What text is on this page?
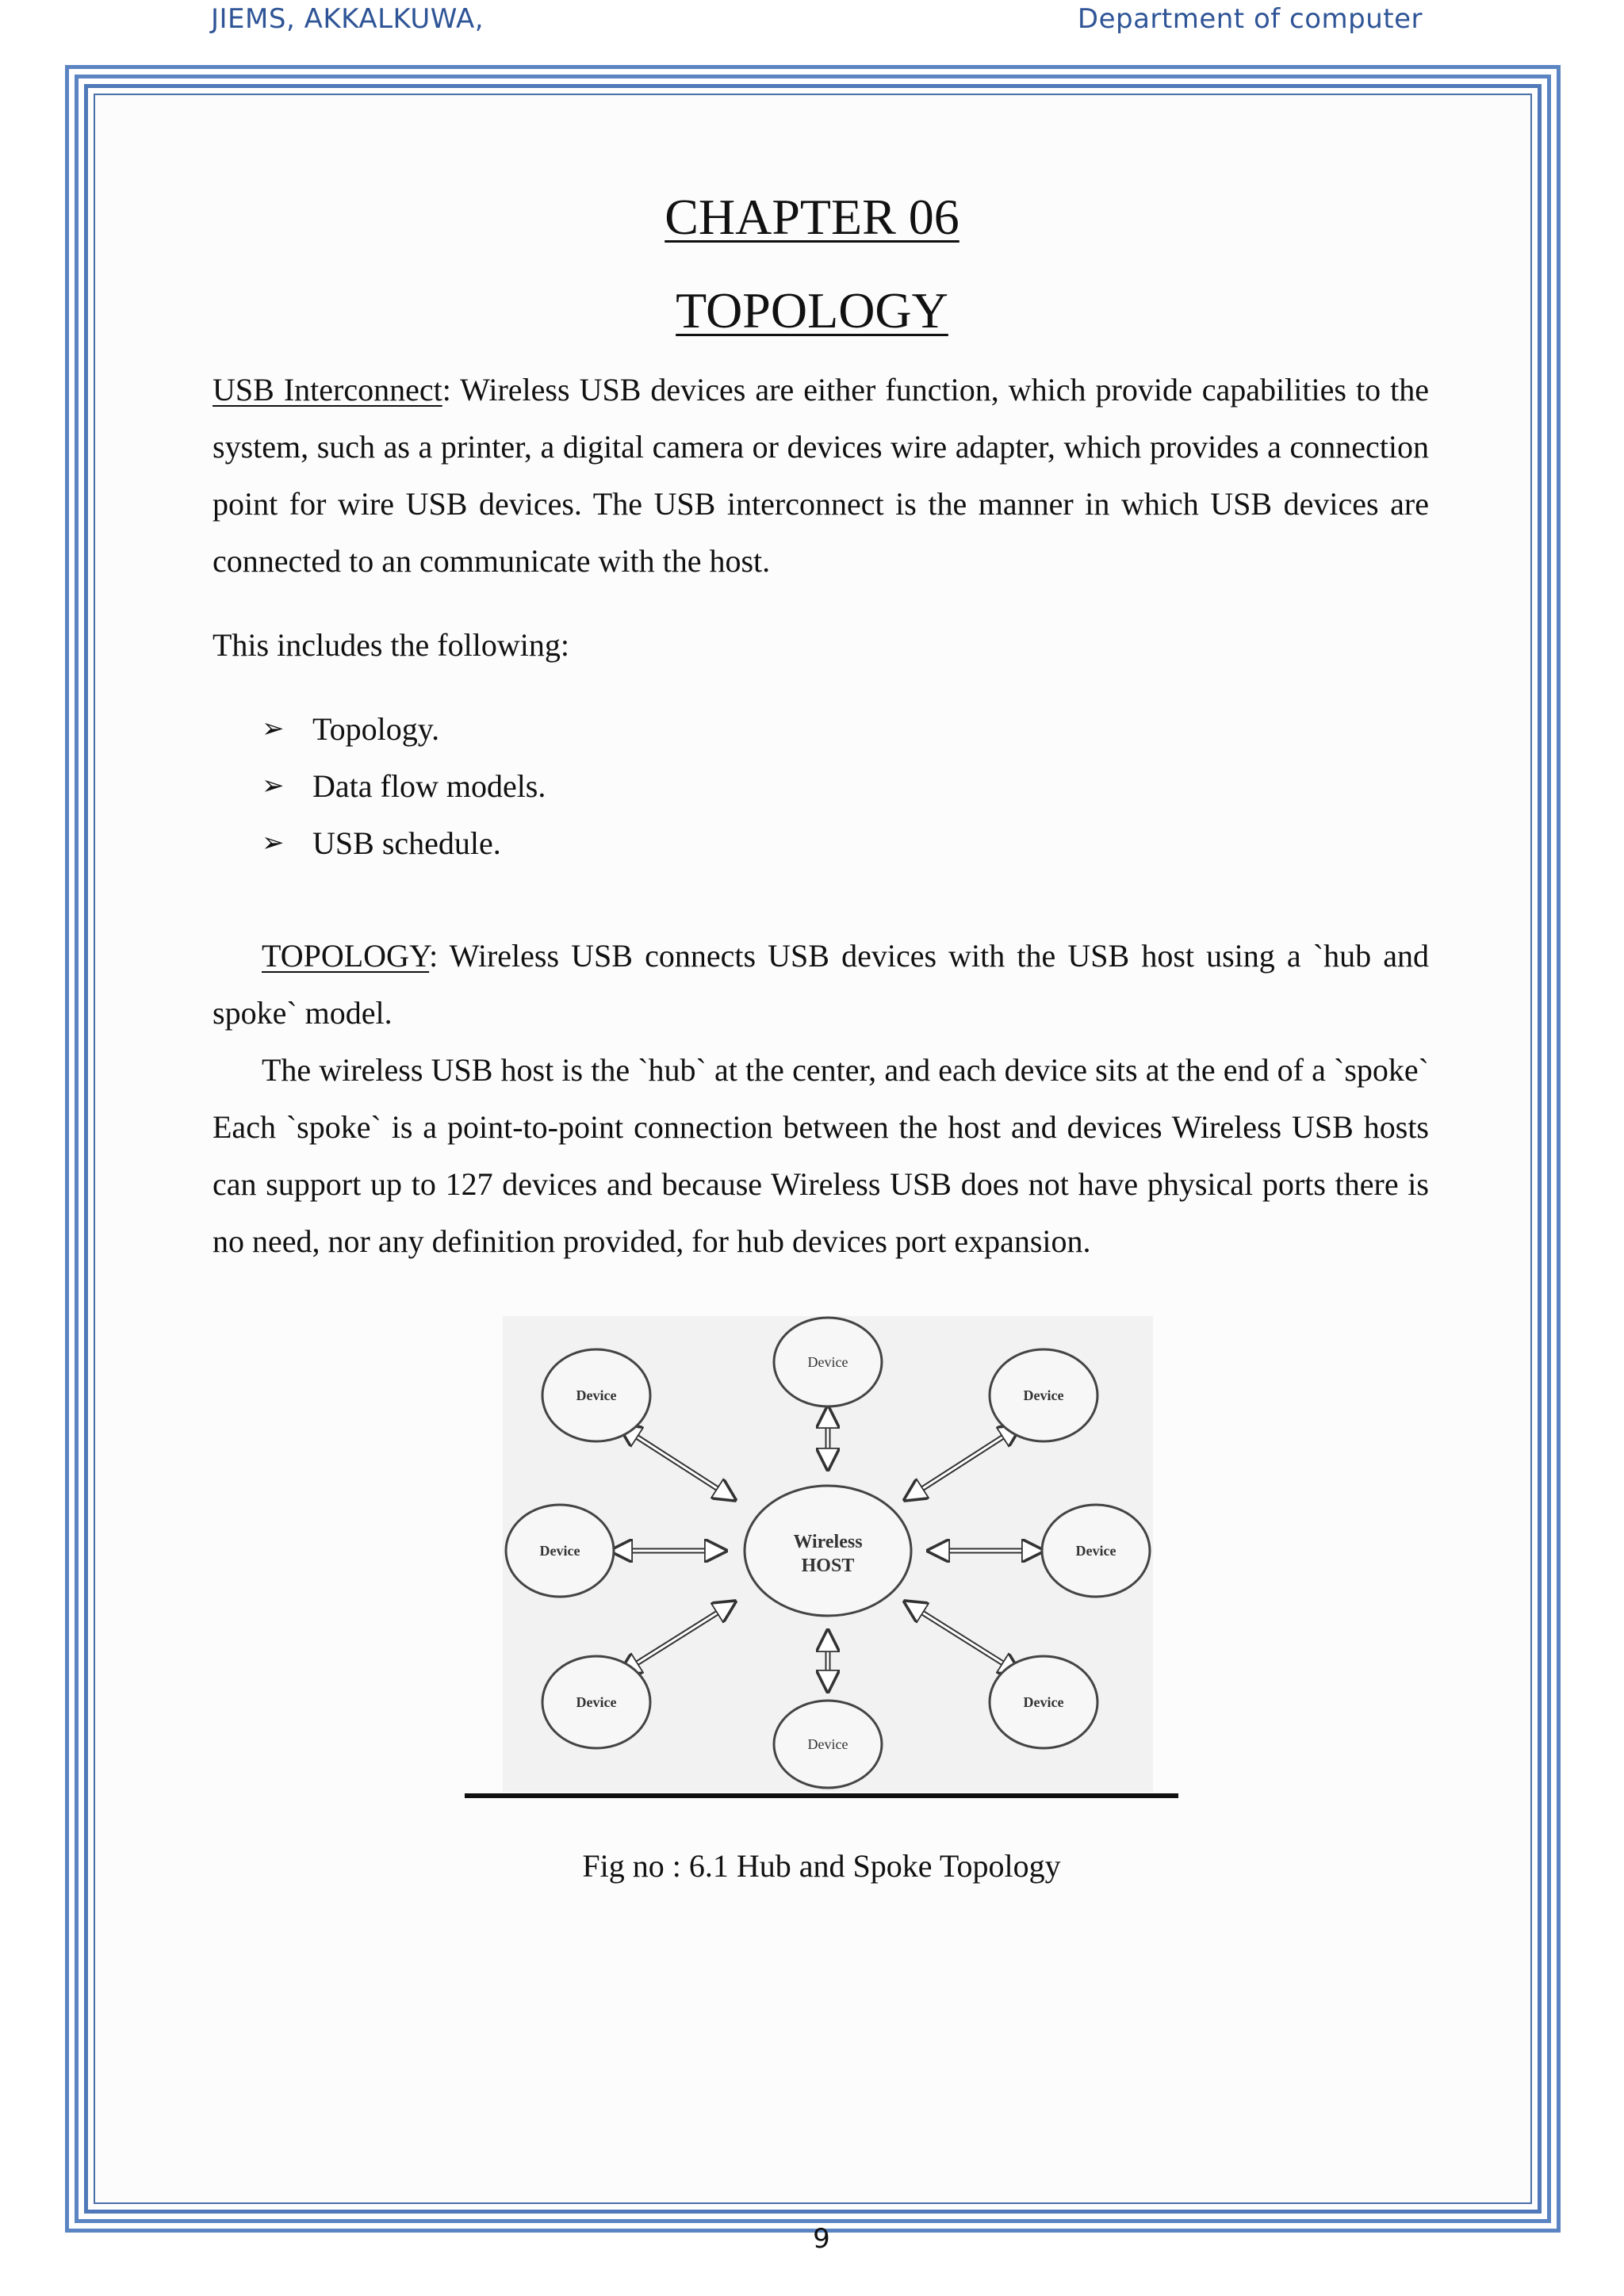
JIEMS, AKKALKUWA,	Department of computer
CHAPTER 06
TOPOLOGY

USB Interconnect: Wireless USB devices are either function, which provide capabilities to the system, such as a printer, a digital camera or devices wire adapter, which provides a connection point for wire USB devices. The USB interconnect is the manner in which USB devices are connected to an communicate with the host.

This includes the following:

➢ Topology.
➢ Data flow models.
➢ USB schedule.

TOPOLOGY: Wireless USB connects USB devices with the USB host using a `hub and spoke` model.

The wireless USB host is the `hub` at the center, and each device sits at the end of a `spoke` Each `spoke` is a point-to-point connection between the host and devices Wireless USB hosts can support up to 127 devices and because Wireless USB does not have physical ports there is no need, nor any definition provided, for hub devices port expansion.

Wireless
HOST
Device
Device
Device
Device	Device
Device
Device
Device
Fig no : 6.1 Hub and Spoke Topology
9
